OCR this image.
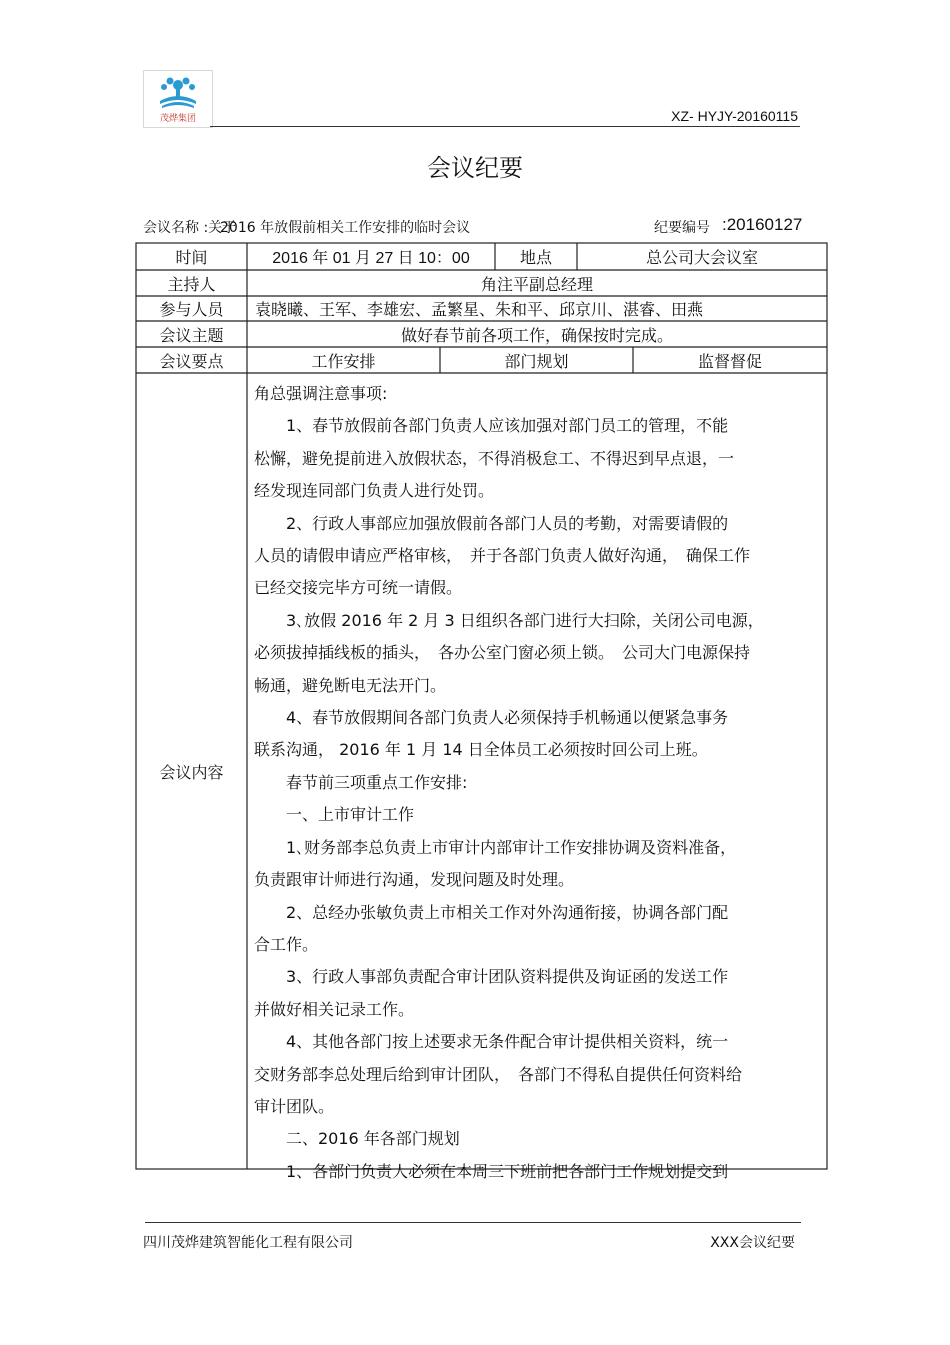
茂烨集团	XZ- HYJY-20160115
会议纪要
会议名称 :关于
2016 年放假前相关工作安排的临时会议	纪要编号 :20160127
时间	2016 年 01 月 27 日 10：00	地点	总公司大会议室
主持人	角注平副总经理
参与人员	袁晓曦、王军、李雄宏、孟繁星、朱和平、邱京川、湛睿、田燕
会议主题	做好春节前各项工作，确保按时完成。
会议要点	工作安排	部门规划	监督督促
会议内容

角总强调注意事项:

1、春节放假前各部门负责人应该加强对部门员工的管理，不能

松懈，避免提前进入放假状态，不得消极怠工、不得迟到早点退，一

经发现连同部门负责人进行处罚。

2、行政人事部应加强放假前各部门人员的考勤，对需要请假的

人员的请假申请应严格审核，　并于各部门负责人做好沟通，　确保工作

已经交接完毕方可统一请假。

3､放假 2016 年 2 月 3 日组织各部门进行大扫除，关闭公司电源，

必须拔掉插线板的插头，　各办公室门窗必须上锁。　公司大门电源保持

畅通，避免断电无法开门。

4、春节放假期间各部门负责人必须保持手机畅通以便紧急事务

联系沟通， 2016 年 1 月 14 日全体员工必须按时回公司上班。

春节前三项重点工作安排:

一、上市审计工作

1､财务部李总负责上市审计内部审计工作安排协调及资料准备，

负责跟审计师进行沟通，发现问题及时处理。

2、总经办张敏负责上市相关工作对外沟通衔接，协调各部门配

合工作。

3、行政人事部负责配合审计团队资料提供及询证函的发送工作

并做好相关记录工作。

4、其他各部门按上述要求无条件配合审计提供相关资料，统一

交财务部李总处理后给到审计团队，　各部门不得私自提供任何资料给

审计团队。

二、2016 年各部门规划

1、各部门负责人必须在本周三下班前把各部门工作规划提交到

四川茂烨建筑智能化工程有限公司	XXX会议纪要
